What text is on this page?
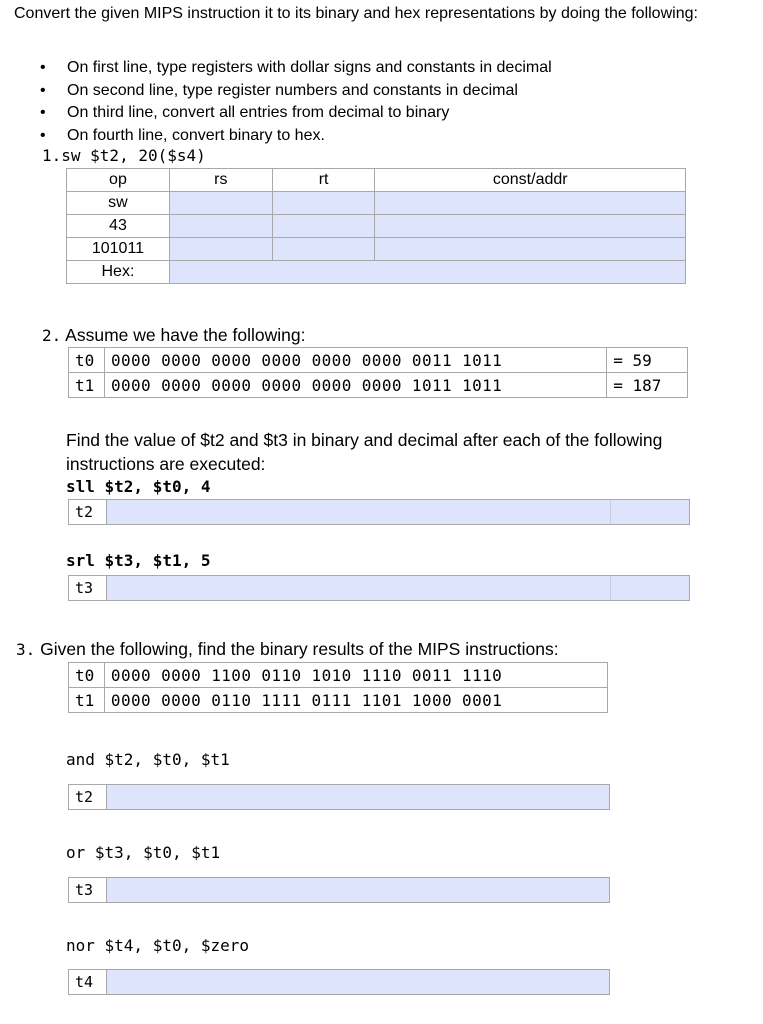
Convert the given MIPS instruction it to its binary and hex representations by doing the following:
• On first line, type registers with dollar signs and constants in decimal
• On second line, type register numbers and constants in decimal
• On third line, convert all entries from decimal to binary
• On fourth line, convert binary to hex.
1.sw $t2, 20($s4)
op	rs	rt	const/addr
sw			
43			
101011			
Hex:			
2. Assume we have the following:
t0	0000 0000 0000 0000 0000 0000 0011 1011	= 59
t1	0000 0000 0000 0000 0000 0000 1011 1011	= 187
Find the value of $t2 and $t3 in binary and decimal after each of the following instructions are executed:
sll $t2, $t0, 4
t2
srl $t3, $t1, 5
t3
3. Given the following, find the binary results of the MIPS instructions:
t0	0000 0000 1100 0110 1010 1110 0011 1110
t1	0000 0000 0110 1111 0111 1101 1000 0001
and $t2, $t0, $t1
t2
or $t3, $t0, $t1
t3
nor $t4, $t0, $zero
t4
